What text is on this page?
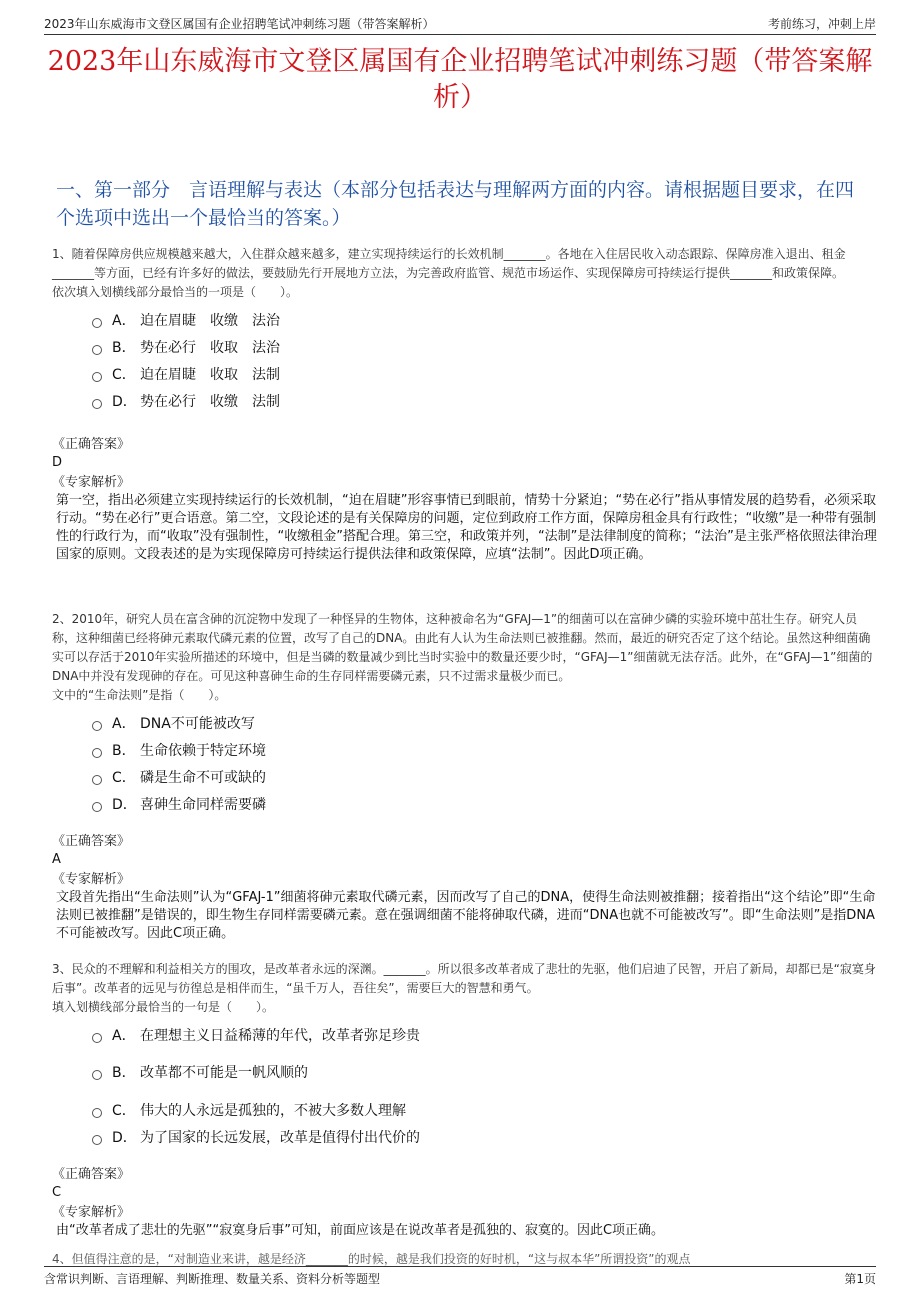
2023年山东威海市文登区属国有企业招聘笔试冲刺练习题（带答案解析）	考前练习，冲刺上岸
2023年山东威海市文登区属国有企业招聘笔试冲刺练习题（带答案解析）
一、第一部分　言语理解与表达（本部分包括表达与理解两方面的内容。请根据题目要求，在四个选项中选出一个最恰当的答案。）
1、随着保障房供应规模越来越大，入住群众越来越多，建立实现持续运行的长效机制_______。各地在入住居民收入动态跟踪、保障房准入退出、租金_______等方面，已经有许多好的做法，要鼓励先行开展地方立法，为完善政府监管、规范市场运作、实现保障房可持续运行提供_______和政策保障。
依次填入划横线部分最恰当的一项是（　　）。
A． 迫在眉睫　收缴　法治
B． 势在必行　收取　法治
C． 迫在眉睫　收取　法制
D． 势在必行　收缴　法制
《正确答案》
D
《专家解析》
第一空，指出必须建立实现持续运行的长效机制，“迫在眉睫”形容事情已到眼前，情势十分紧迫；“势在必行”指从事情发展的趋势看，必须采取行动。“势在必行”更合语意。第二空，文段论述的是有关保障房的问题，定位到政府工作方面，保障房租金具有行政性；“收缴”是一种带有强制性的行政行为，而“收取”没有强制性，“收缴租金”搭配合理。第三空，和政策并列，“法制”是法律制度的简称；“法治”是主张严格依照法律治理国家的原则。文段表述的是为实现保障房可持续运行提供法律和政策保障，应填“法制”。因此D项正确。
2、2010年，研究人员在富含砷的沉淀物中发现了一种怪异的生物体，这种被命名为“GFAJ—1”的细菌可以在富砷少磷的实验环境中茁壮生存。研究人员称，这种细菌已经将砷元素取代磷元素的位置，改写了自己的DNA。由此有人认为生命法则已被推翻。然而，最近的研究否定了这个结论。虽然这种细菌确实可以存活于2010年实验所描述的环境中，但是当磷的数量减少到比当时实验中的数量还要少时，“GFAJ—1”细菌就无法存活。此外，在“GFAJ—1”细菌的DNA中并没有发现砷的存在。可见这种喜砷生命的生存同样需要磷元素，只不过需求量极少而已。
文中的“生命法则”是指（　　）。
A． DNA不可能被改写
B． 生命依赖于特定环境
C． 磷是生命不可或缺的
D． 喜砷生命同样需要磷
《正确答案》
A
《专家解析》
文段首先指出“生命法则”认为“GFAJ-1”细菌将砷元素取代磷元素，因而改写了自己的DNA，使得生命法则被推翻；接着指出“这个结论”即“生命法则已被推翻”是错误的，即生物生存同样需要磷元素。意在强调细菌不能将砷取代磷，进而“DNA也就不可能被改写”。即“生命法则”是指DNA不可能被改写。因此C项正确。
3、民众的不理解和利益相关方的围攻，是改革者永远的深渊。_______。所以很多改革者成了悲壮的先驱，他们启迪了民智，开启了新局，却都已是“寂寞身后事”。改革者的远见与彷徨总是相伴而生，“虽千万人，吾往矣”，需要巨大的智慧和勇气。
填入划横线部分最恰当的一句是（　　）。
A． 在理想主义日益稀薄的年代，改革者弥足珍贵
B． 改革都不可能是一帆风顺的
C． 伟大的人永远是孤独的，不被大多数人理解
D． 为了国家的长远发展，改革是值得付出代价的
《正确答案》
C
《专家解析》
由“改革者成了悲壮的先驱”“寂寞身后事”可知，前面应该是在说改革者是孤独的、寂寞的。因此C项正确。
4、但值得注意的是，“对制造业来讲，越是经济_______的时候，越是我们投资的好时机，“这与叔本华”所谓投资”的观点
含常识判断、言语理解、判断推理、数量关系、资料分析等题型	第1页
